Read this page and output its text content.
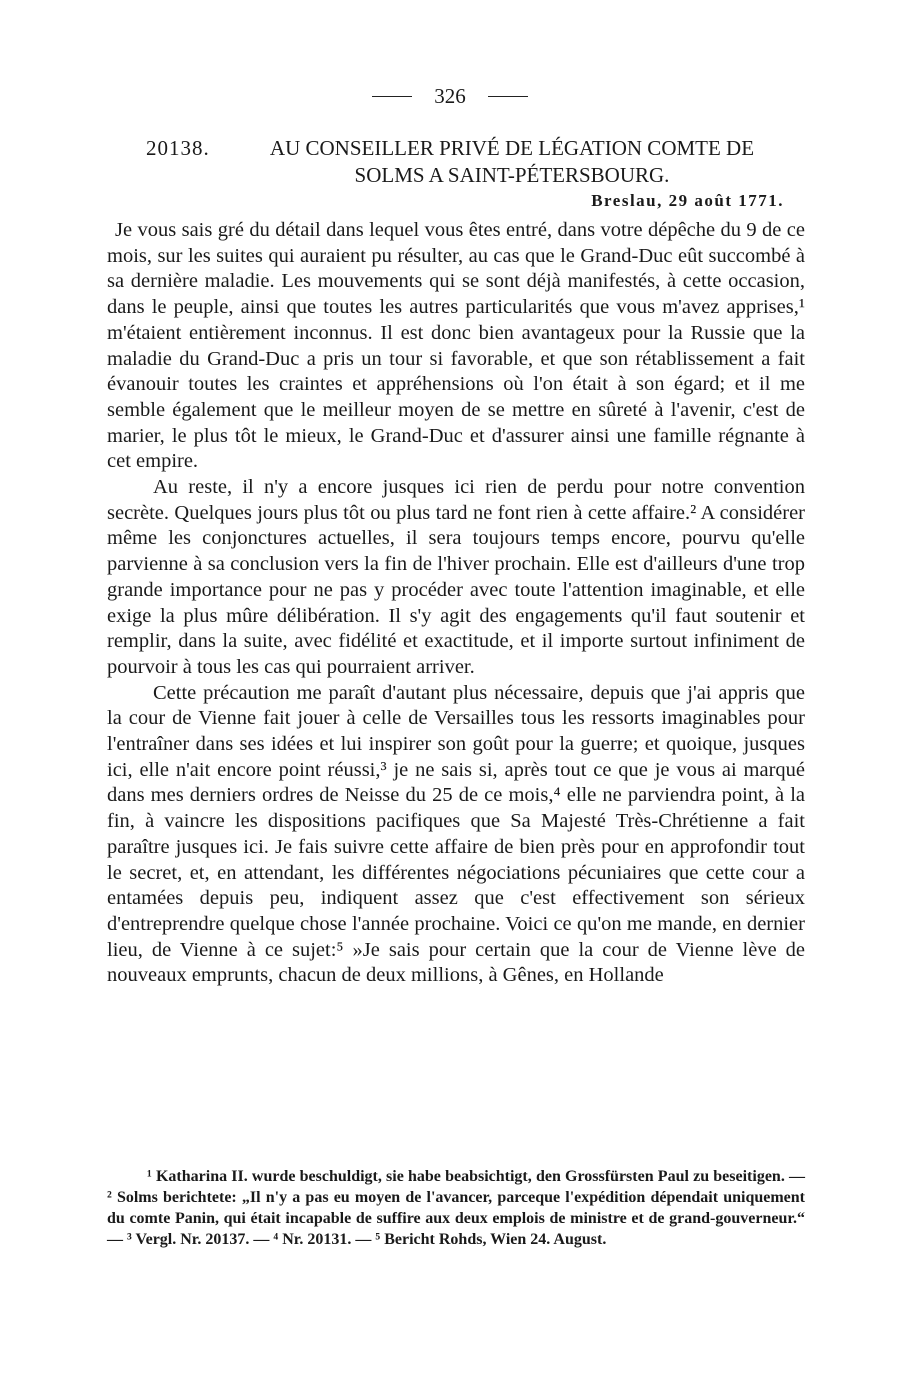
326
20138.	AU CONSEILLER PRIVÉ DE LÉGATION COMTE DE SOLMS A SAINT-PÉTERSBOURG.
Breslau, 29 août 1771.

Je vous sais gré du détail dans lequel vous êtes entré, dans votre dépêche du 9 de ce mois, sur les suites qui auraient pu résulter, au cas que le Grand-Duc eût succombé à sa dernière maladie. Les mouvements qui se sont déjà manifestés, à cette occasion, dans le peuple, ainsi que toutes les autres particularités que vous m'avez apprises,¹ m'étaient entièrement inconnus. Il est donc bien avantageux pour la Russie que la maladie du Grand-Duc a pris un tour si favorable, et que son rétablissement a fait évanouir toutes les craintes et appréhensions où l'on était à son égard; et il me semble également que le meilleur moyen de se mettre en sûreté à l'avenir, c'est de marier, le plus tôt le mieux, le Grand-Duc et d'assurer ainsi une famille régnante à cet empire.

Au reste, il n'y a encore jusques ici rien de perdu pour notre convention secrète. Quelques jours plus tôt ou plus tard ne font rien à cette affaire.² A considérer même les conjonctures actuelles, il sera toujours temps encore, pourvu qu'elle parvienne à sa conclusion vers la fin de l'hiver prochain. Elle est d'ailleurs d'une trop grande importance pour ne pas y procéder avec toute l'attention imaginable, et elle exige la plus mûre délibération. Il s'y agit des engagements qu'il faut soutenir et remplir, dans la suite, avec fidélité et exactitude, et il importe surtout infiniment de pourvoir à tous les cas qui pourraient arriver.

Cette précaution me paraît d'autant plus nécessaire, depuis que j'ai appris que la cour de Vienne fait jouer à celle de Versailles tous les ressorts imaginables pour l'entraîner dans ses idées et lui inspirer son goût pour la guerre; et quoique, jusques ici, elle n'ait encore point réussi,³ je ne sais si, après tout ce que je vous ai marqué dans mes derniers ordres de Neisse du 25 de ce mois,⁴ elle ne parviendra point, à la fin, à vaincre les dispositions pacifiques que Sa Majesté Très-Chrétienne a fait paraître jusques ici. Je fais suivre cette affaire de bien près pour en approfondir tout le secret, et, en attendant, les différentes négociations pécuniaires que cette cour a entamées depuis peu, indiquent assez que c'est effectivement son sérieux d'entreprendre quelque chose l'année prochaine. Voici ce qu'on me mande, en dernier lieu, de Vienne à ce sujet:⁵ »Je sais pour certain que la cour de Vienne lève de nouveaux emprunts, chacun de deux millions, à Gênes, en Hollande

¹ Katharina II. wurde beschuldigt, sie habe beabsichtigt, den Grossfürsten Paul zu beseitigen. — ² Solms berichtete: „Il n'y a pas eu moyen de l'avancer, parceque l'expédition dépendait uniquement du comte Panin, qui était incapable de suffire aux deux emplois de ministre et de grand-gouverneur.“ — ³ Vergl. Nr. 20137. — ⁴ Nr. 20131. — ⁵ Bericht Rohds, Wien 24. August.
